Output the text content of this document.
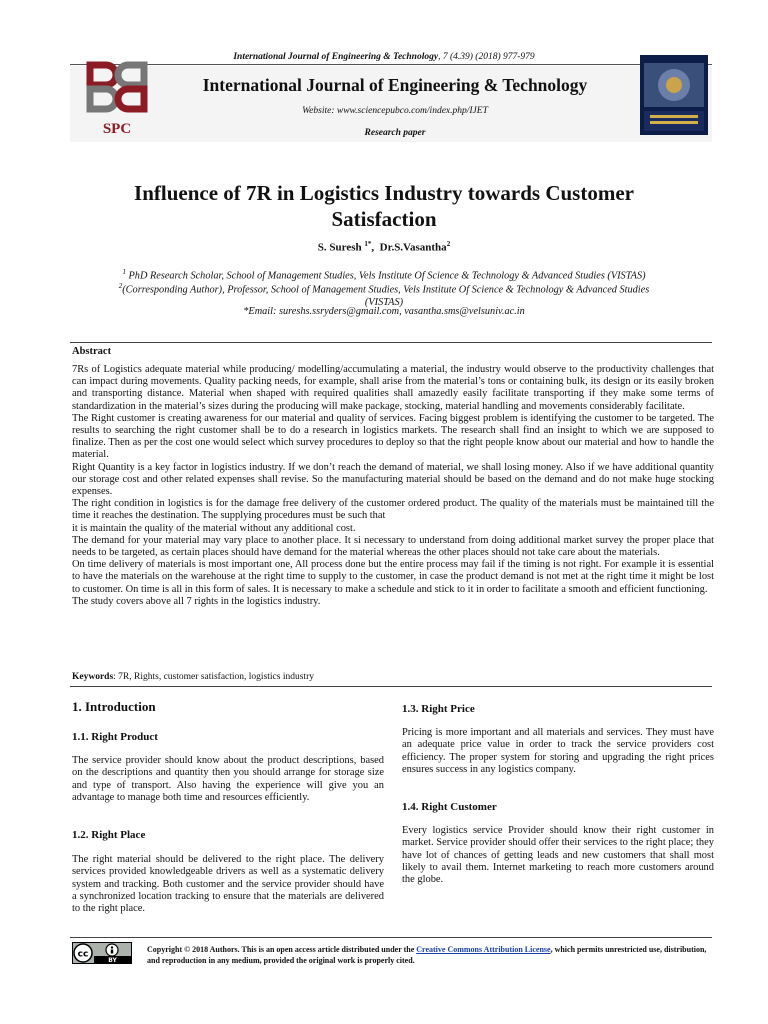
International Journal of Engineering & Technology, 7 (4.39) (2018) 977-979
SPC
International Journal of Engineering & Technology
Website: www.sciencepubco.com/index.php/IJET
Research paper
Influence of 7R in Logistics Industry towards Customer
Satisfaction
S. Suresh $^{1*}$,  Dr.S.Vasantha$^2$
$^1$ PhD Research Scholar, School of Management Studies, Vels Institute Of Science & Technology & Advanced Studies (VISTAS)
$^2$(Corresponding Author), Professor, School of Management Studies, Vels Institute Of Science & Technology & Advanced Studies
(VISTAS)
*Email: sureshs.ssryders@gmail.com, vasantha.sms@velsuniv.ac.in
Abstract

7Rs of Logistics adequate material while producing/ modelling/accumulating a material, the industry would observe to the productivity challenges that can impact during movements. Quality packing needs, for example, shall arise from the material’s tons or containing bulk, its design or its easily broken and transporting distance. Material when shaped with required qualities shall amazedly easily facilitate transporting if they make some terms of standardization in the material’s sizes during the producing will make package, stocking, material handling and movements considerably facilitate.

The Right customer is creating awareness for our material and quality of services. Facing biggest problem is identifying the customer to be targeted. The results to searching the right customer shall be to do a research in logistics markets. The research shall find an insight to which we are supposed to finalize. Then as per the cost one would select which survey procedures to deploy so that the right people know about our material and how to handle the material.

Right Quantity is a key factor in logistics industry. If we don’t reach the demand of material, we shall losing money. Also if we have additional quantity our storage cost and other related expenses shall revise. So the manufacturing material should be based on the demand and do not make huge stocking expenses.

The right condition in logistics is for the damage free delivery of the customer ordered product. The quality of the materials must be maintained till the time it reaches the destination. The supplying procedures must be such that

it is maintain the quality of the material without any additional cost.

The demand for your material may vary place to another place. It si necessary to understand from doing additional market survey the proper place that needs to be targeted, as certain places should have demand for the material whereas the other places should not take care about the materials.

On time delivery of materials is most important one, All process done but the entire process may fail if the timing is not right. For example it is essential to have the materials on the warehouse at the right time to supply to the customer, in case the product demand is not met at the right time it might be lost to customer. On time is all in this form of sales. It is necessary to make a schedule and stick to it in order to facilitate a smooth and efficient functioning.

The study covers above all 7 rights in the logistics industry.

Keywords: 7R, Rights, customer satisfaction, logistics industry
1. Introduction
1.1. Right Product
The service provider should know about the product descriptions, based on the descriptions and quantity then you should arrange for storage size and type of transport. Also having the experience will give you an advantage to manage both time and resources efficiently.
1.2. Right Place
The right material should be delivered to the right place. The delivery services provided knowledgeable drivers as well as a systematic delivery system and tracking. Both customer and the service provider should have a synchronized location tracking to ensure that the materials are delivered to the right place.
1.3. Right Price
Pricing is more important and all materials and services. They must have an adequate price value in order to track the service providers cost efficiency. The proper system for storing and upgrading the right prices ensures success in any logistics company.
1.4. Right Customer
Every logistics service Provider should know their right customer in market. Service provider should offer their services to the right place; they have lot of chances of getting leads and new customers that shall most likely to avail them. Internet marketing to reach more customers around the globe.
cc
BY
Copyright © 2018 Authors. This is an open access article distributed under the Creative Commons Attribution License, which permits unrestricted use, distribution, and reproduction in any medium, provided the original work is properly cited.
